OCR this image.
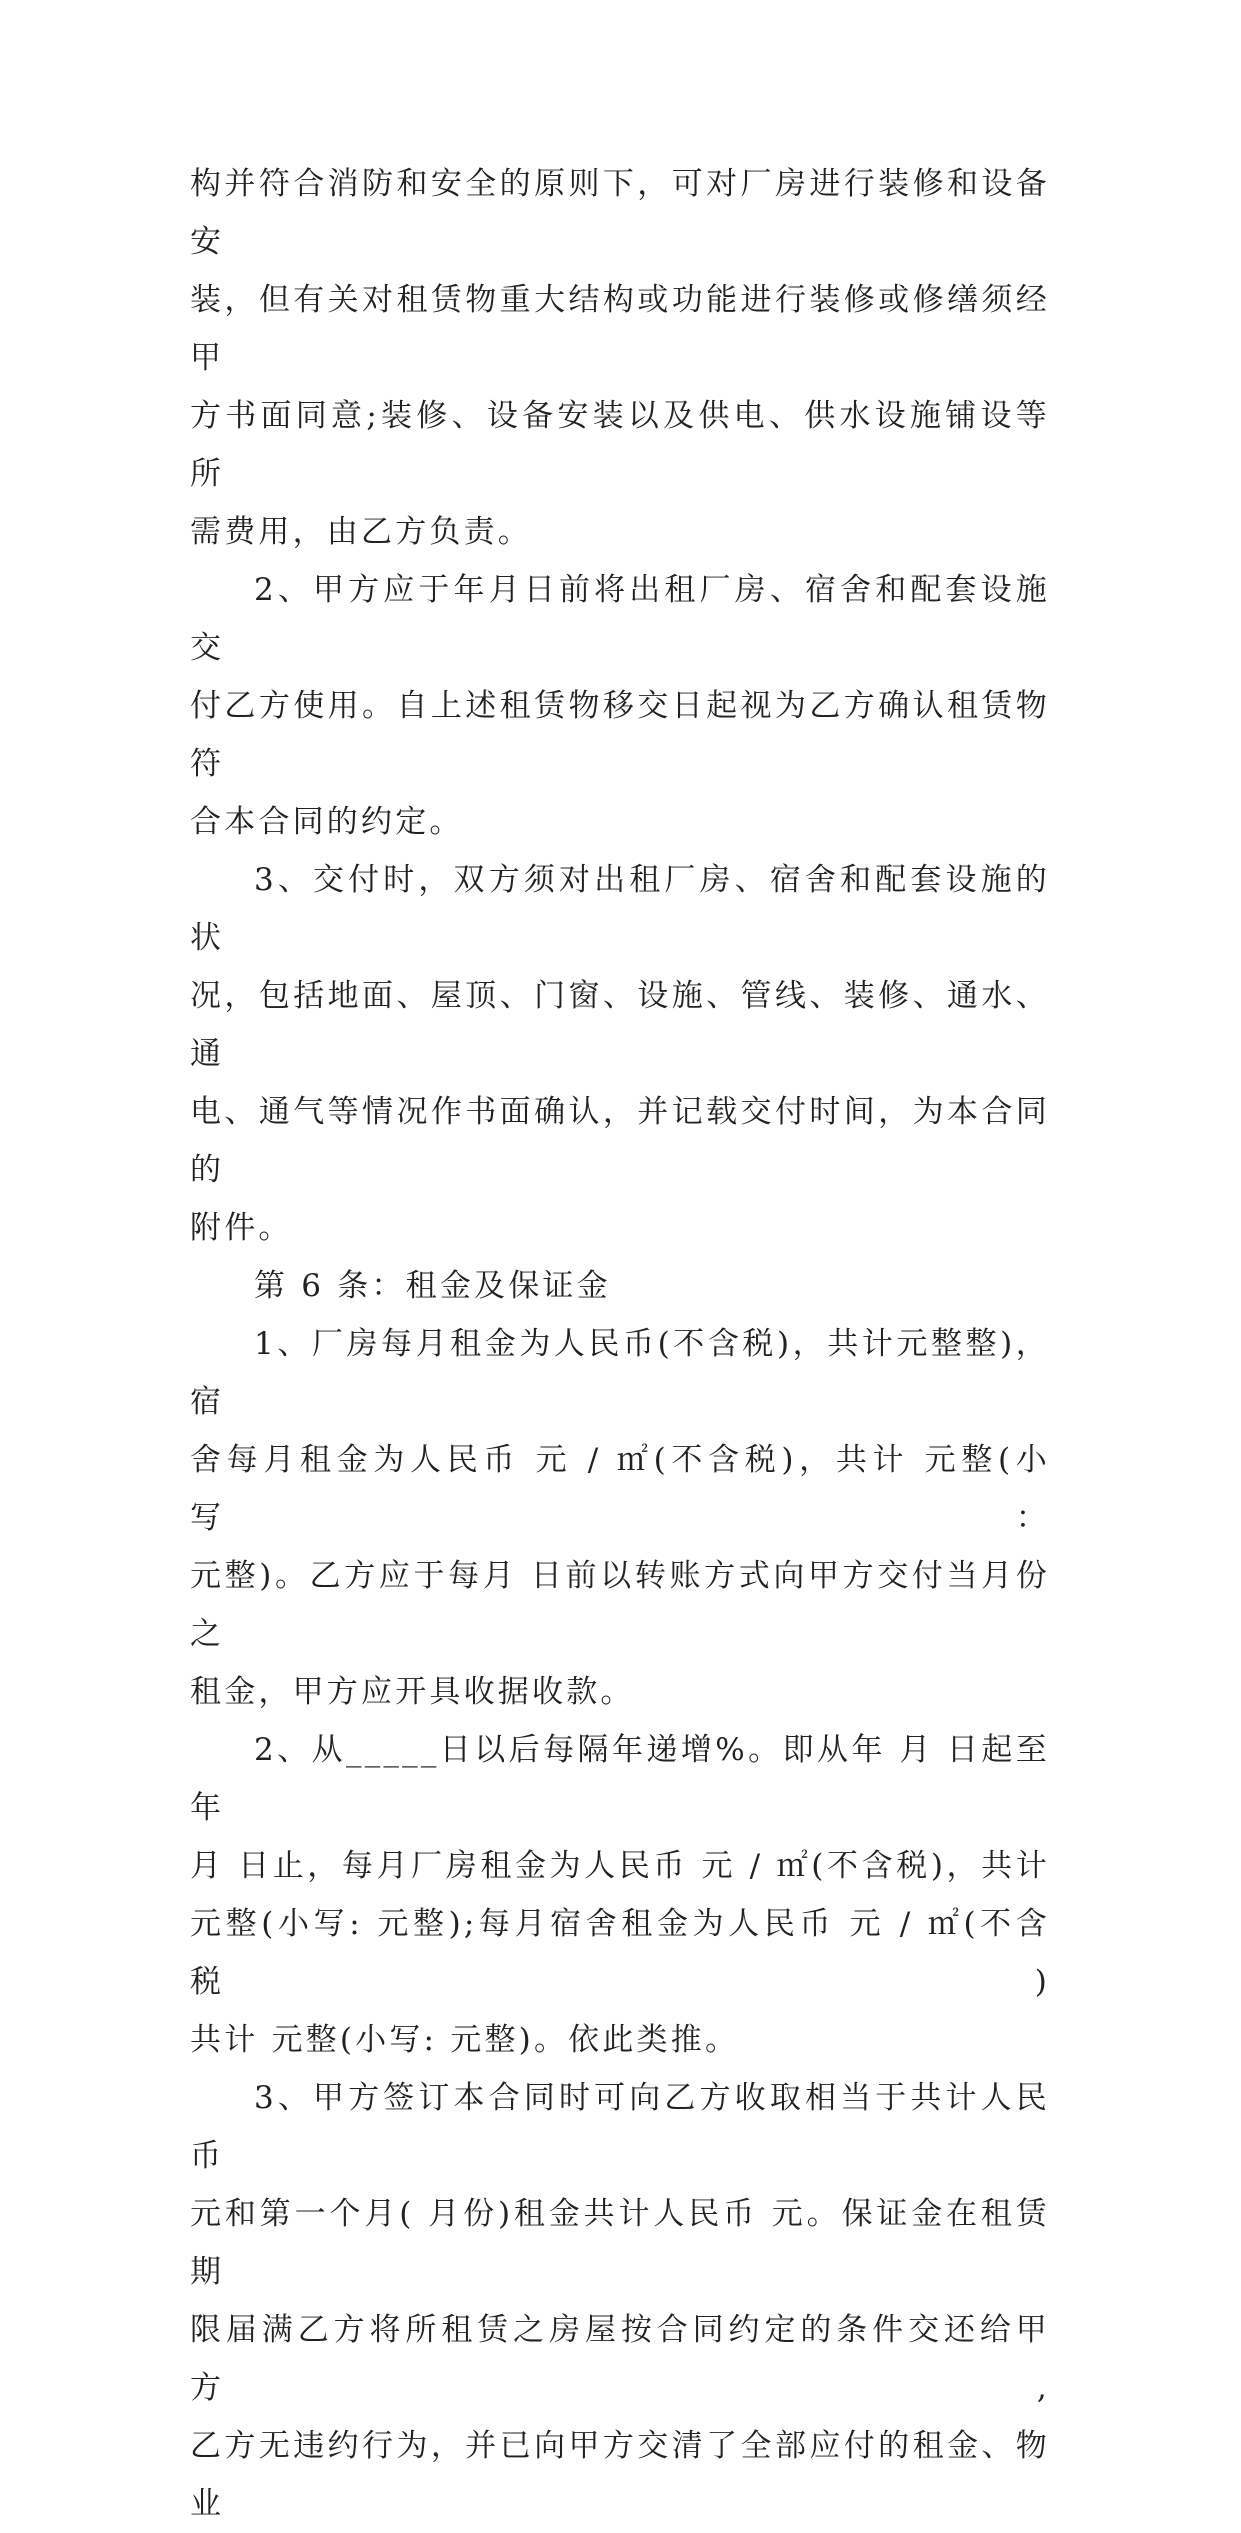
构并符合消防和安全的原则下，可对厂房进行装修和设备安
装，但有关对租赁物重大结构或功能进行装修或修缮须经甲
方书面同意;装修、设备安装以及供电、供水设施铺设等所
需费用，由乙方负责。
2、甲方应于年月日前将出租厂房、宿舍和配套设施交
付乙方使用。自上述租赁物移交日起视为乙方确认租赁物符
合本合同的约定。
3、交付时，双方须对出租厂房、宿舍和配套设施的状
况，包括地面、屋顶、门窗、设施、管线、装修、通水、通
电、通气等情况作书面确认，并记载交付时间，为本合同的
附件。
第 6 条：租金及保证金
1、厂房每月租金为人民币(不含税)，共计元整整)，宿
舍每月租金为人民币 元 / ㎡(不含税)，共计 元整(小写：
元整)。乙方应于每月 日前以转账方式向甲方交付当月份之
租金，甲方应开具收据收款。
2、从_____日以后每隔年递增%。即从年 月 日起至 年
月 日止，每月厂房租金为人民币 元 / ㎡(不含税)，共计
元整(小写: 元整);每月宿舍租金为人民币 元 / ㎡(不含税)
共计 元整(小写: 元整)。依此类推。
3、甲方签订本合同时可向乙方收取相当于共计人民币
元和第一个月( 月份)租金共计人民币 元。保证金在租赁期
限届满乙方将所租赁之房屋按合同约定的条件交还给甲方,
乙方无违约行为，并已向甲方交清了全部应付的租金、物业
